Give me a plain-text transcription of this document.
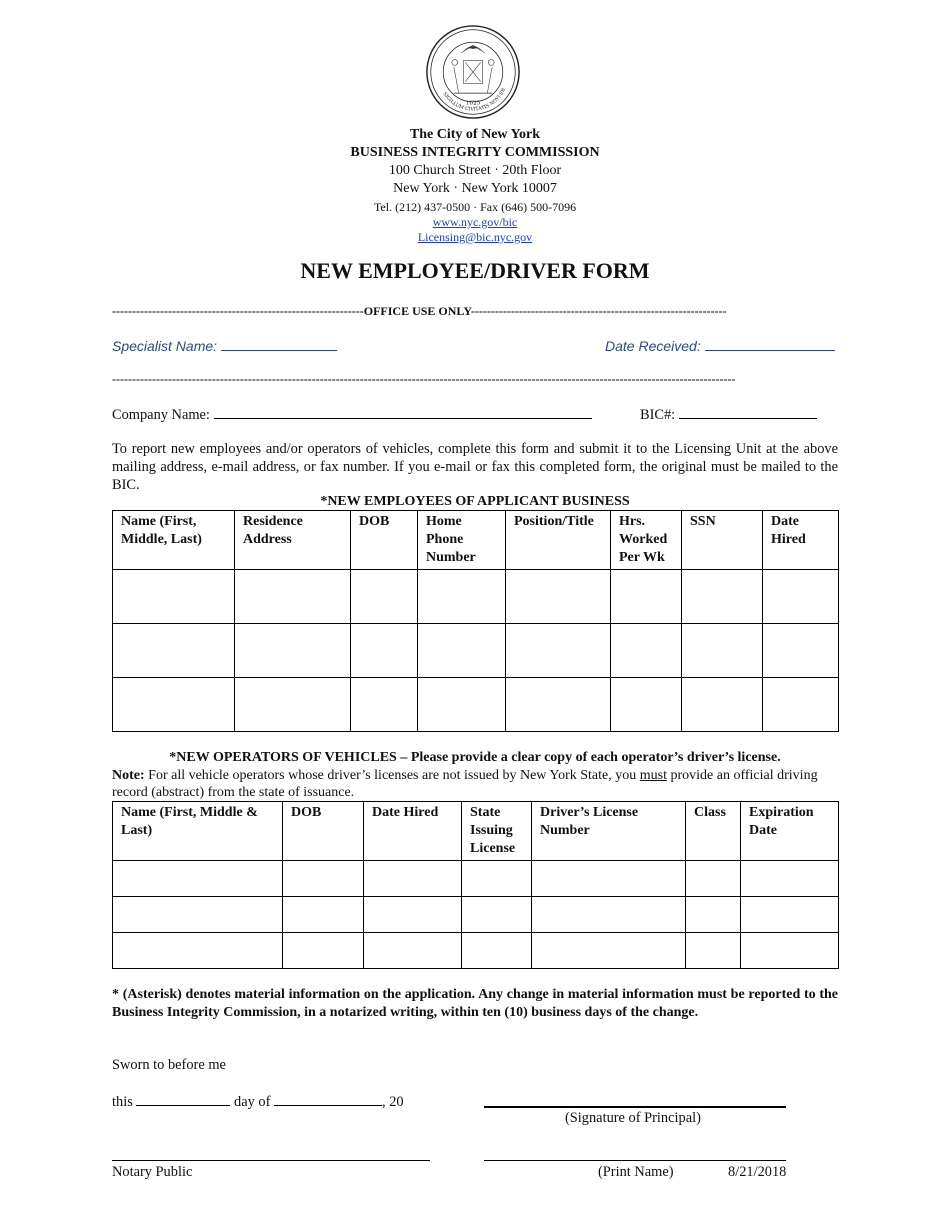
1625
SIGILLUM CIVITATIS NOVI EB
The City of New York
BUSINESS INTEGRITY COMMISSION
100 Church Street · 20th Floor
New York · New York 10007
Tel. (212) 437-0500 · Fax (646) 500-7096
www.nyc.gov/bic
Licensing@bic.nyc.gov
NEW EMPLOYEE/DRIVER FORM
---------------------------------------------------------------OFFICE USE ONLY----------------------------------------------------------------
Specialist Name:	Date Received:
------------------------------------------------------------------------------------------------------------------------------------------------------------
Company Name:	BIC#:
To report new employees and/or operators of vehicles, complete this form and submit it to the Licensing Unit at the above mailing address, e-mail address, or fax number. If you e-mail or fax this completed form, the original must be mailed to the BIC.
*NEW EMPLOYEES OF APPLICANT BUSINESS
Name (First, Middle, Last)	Residence Address	DOB	Home Phone Number	Position/Title	Hrs. Worked Per Wk	SSN	Date Hired

*NEW OPERATORS OF VEHICLES – Please provide a clear copy of each operator’s driver’s license.
Note: For all vehicle operators whose driver’s licenses are not issued by New York State, you must provide an official driving record (abstract) from the state of issuance.
Name (First, Middle & Last)	DOB	Date Hired	State Issuing License	Driver’s License Number	Class	Expiration Date

* (Asterisk) denotes material information on the application. Any change in material information must be reported to the Business Integrity Commission, in a notarized writing, within ten (10) business days of the change.
Sworn to before me
this	day of	, 20
(Signature of Principal)
Notary Public	(Print Name)	8/21/2018
